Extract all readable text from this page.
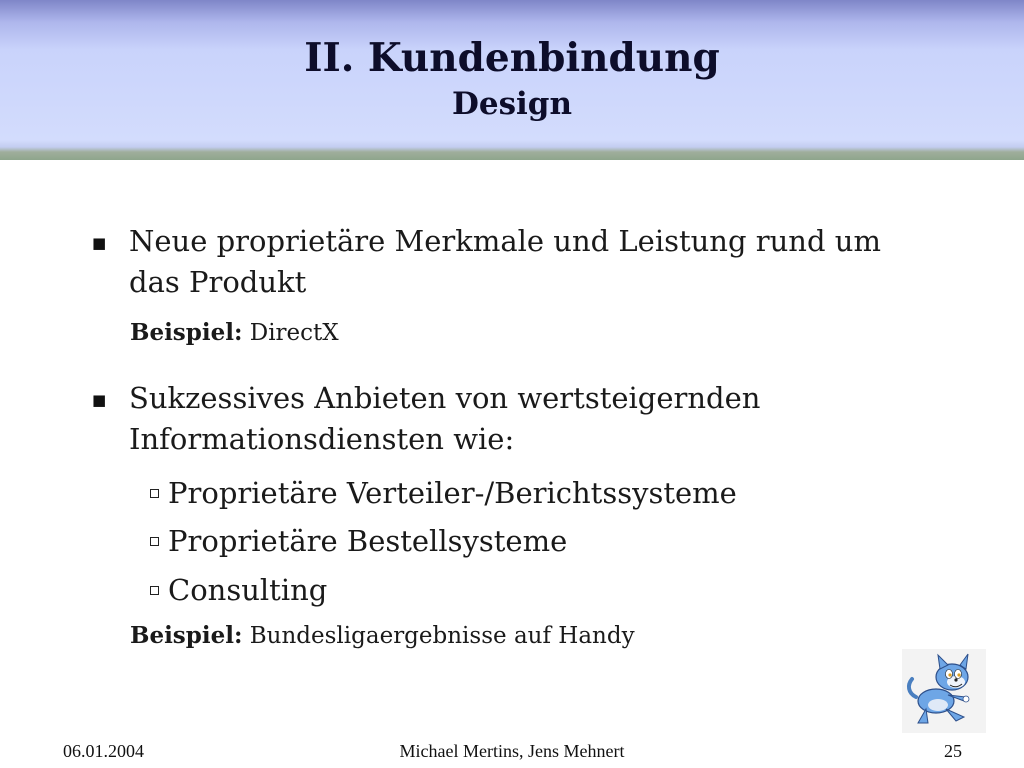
II. Kundenbindung
Design
■ Neue proprietäre Merkmale und Leistung rund um
das Produkt
Beispiel: DirectX
■ Sukzessives Anbieten von wertsteigernden
Informationsdiensten wie:
Proprietäre Verteiler-/Berichtssysteme
Proprietäre Bestellsysteme
Consulting
Beispiel: Bundesligaergebnisse auf Handy
06.01.2004	Michael Mertins, Jens Mehnert	25
